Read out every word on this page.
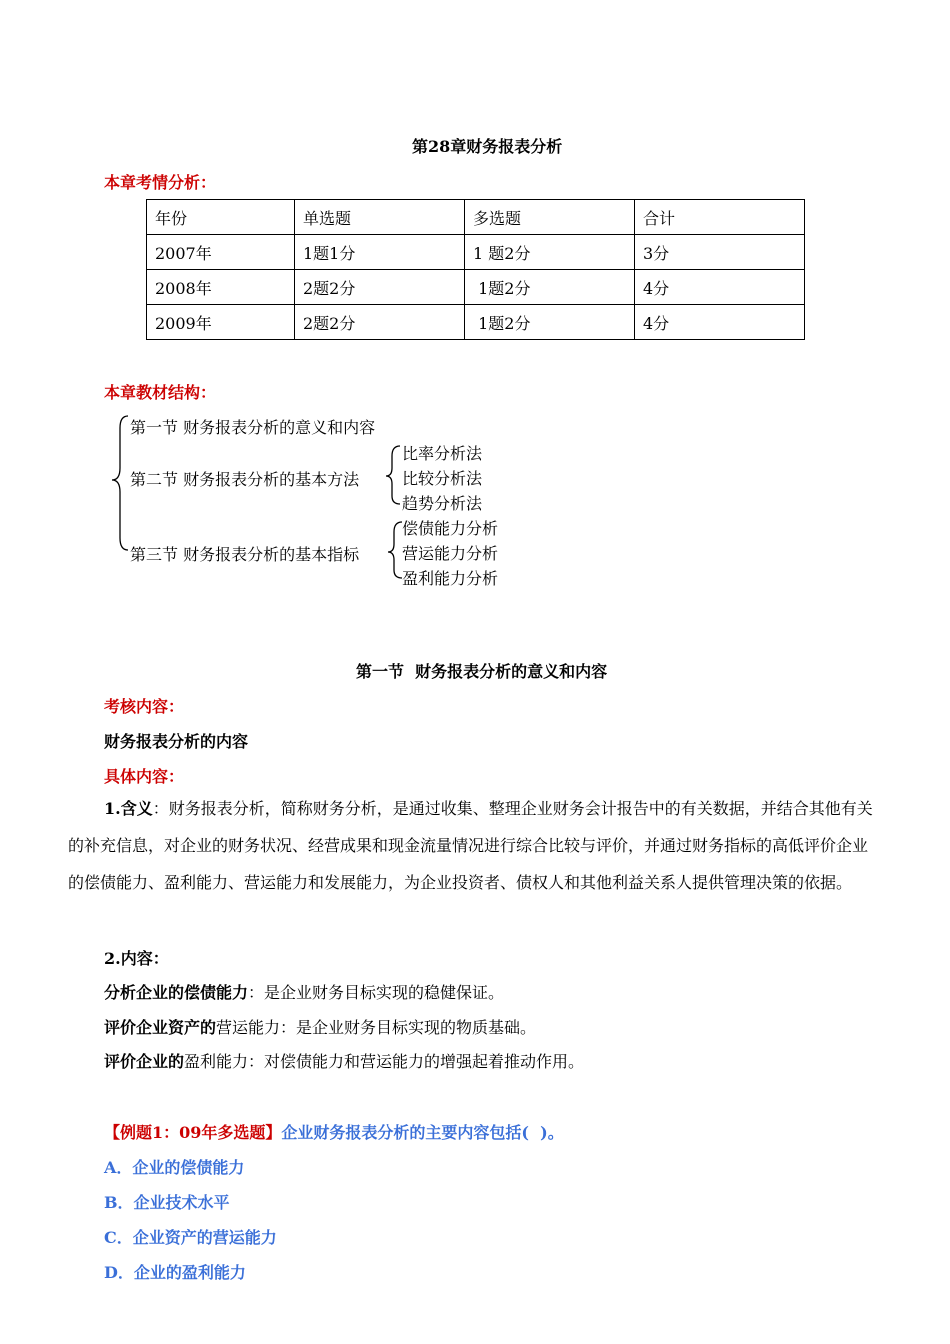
第28章财务报表分析
本章考情分析：
年份	单选题	多选题	合计
2007年	1题1分	1 题2分	3分
2008年	2题2分	1题2分	4分
2009年	2题2分	1题2分	4分
本章教材结构：
第一节 财务报表分析的意义和内容
第二节 财务报表分析的基本方法
比率分析法
比较分析法
趋势分析法
第三节 财务报表分析的基本指标
偿债能力分析
营运能力分析
盈利能力分析
第一节  财务报表分析的意义和内容
考核内容：
财务报表分析的内容
具体内容：
1.含义：财务报表分析，简称财务分析，是通过收集、整理企业财务会计报告中的有关数据，并结合其他有关的补充信息，对企业的财务状况、经营成果和现金流量情况进行综合比较与评价，并通过财务指标的高低评价企业的偿债能力、盈利能力、营运能力和发展能力，为企业投资者、债权人和其他利益关系人提供管理决策的依据。
2.内容：
分析企业的偿债能力：是企业财务目标实现的稳健保证。
评价企业资产的营运能力：是企业财务目标实现的物质基础。
评价企业的盈利能力：对偿债能力和营运能力的增强起着推动作用。
【例题1：09年多选题】企业财务报表分析的主要内容包括(  )。
A．企业的偿债能力
B．企业技术水平
C．企业资产的营运能力
D．企业的盈利能力
